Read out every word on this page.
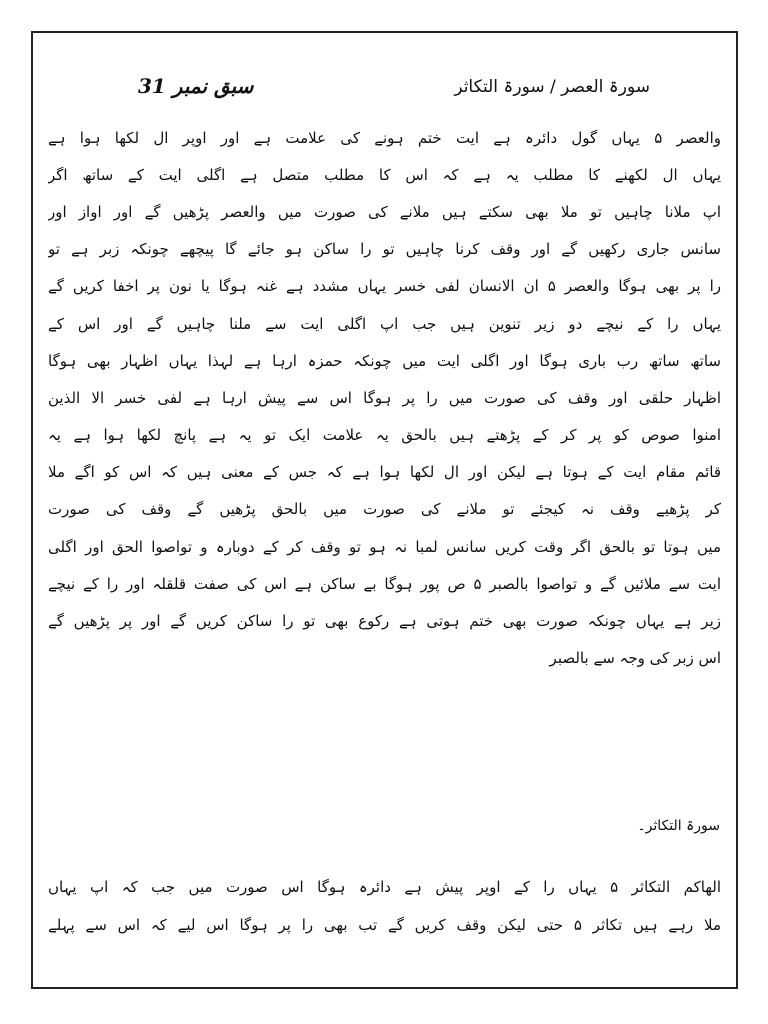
سورۃ العصر / سورۃ التکاثر
سبق نمبر 31
والعصر ۵ یہاں گول دائرہ ہے ایت ختم ہونے کی علامت ہے اور اوپر ال لکھا ہوا ہے
یہاں ال لکھنے کا مطلب یہ ہے کہ اس کا مطلب متصل ہے اگلی ایت کے ساتھ اگر
اپ ملانا چاہیں تو ملا بھی سکتے ہیں ملانے کی صورت میں والعصر پڑھیں گے اور اواز اور
سانس جاری رکھیں گے اور وقف کرنا چاہیں تو را ساکن ہو جائے گا پیچھے چونکہ زبر ہے تو
را پر بھی ہوگا والعصر ۵ ان الانسان لفی خسر یہاں مشدد ہے غنہ ہوگا یا نون پر اخفا کریں گے
یہاں را کے نیچے دو زیر تنوین ہیں جب اپ اگلی ایت سے ملنا چاہیں گے اور اس کے
ساتھ ساتھ رب باری ہوگا اور اگلی ایت میں چونکہ حمزہ ارہا ہے لہذا یہاں اظہار بھی ہوگا
اظہار حلقی اور وقف کی صورت میں را پر ہوگا اس سے پیش ارہا ہے لفی خسر الا الذین
امنوا صوص کو پر کر کے پڑھتے ہیں بالحق یہ علامت ایک تو یہ ہے پانچ لکھا ہوا ہے یہ
قائم مقام ایت کے ہوتا ہے لیکن اور ال لکھا ہوا ہے کہ جس کے معنی ہیں کہ اس کو اگے ملا
کر پڑھیے وقف نہ کیجئے تو ملانے کی صورت میں بالحق پڑھیں گے وقف کی صورت
میں ہوتا تو بالحق اگر وقت کریں سانس لمبا نہ ہو تو وقف کر کے دوبارہ و تواصوا الحق اور اگلی
ایت سے ملائیں گے و تواصوا بالصبر ۵ ص پور ہوگا بے ساکن ہے اس کی صفت قلقلہ اور را کے نیچے
زیر ہے یہاں چونکہ صورت بھی ختم ہوتی ہے رکوع بھی تو را ساکن کریں گے اور پر پڑھیں گے
اس زبر کی وجہ سے بالصبر
سورۃ التکاثر۔
الھاکم التکاثر ۵ یہاں را کے اوپر پیش ہے دائرہ ہوگا اس صورت میں جب کہ اپ یہاں
ملا رہے ہیں تکاثر ۵ حتی لیکن وقف کریں گے تب بھی را پر ہوگا اس لیے کہ اس سے پہلے
